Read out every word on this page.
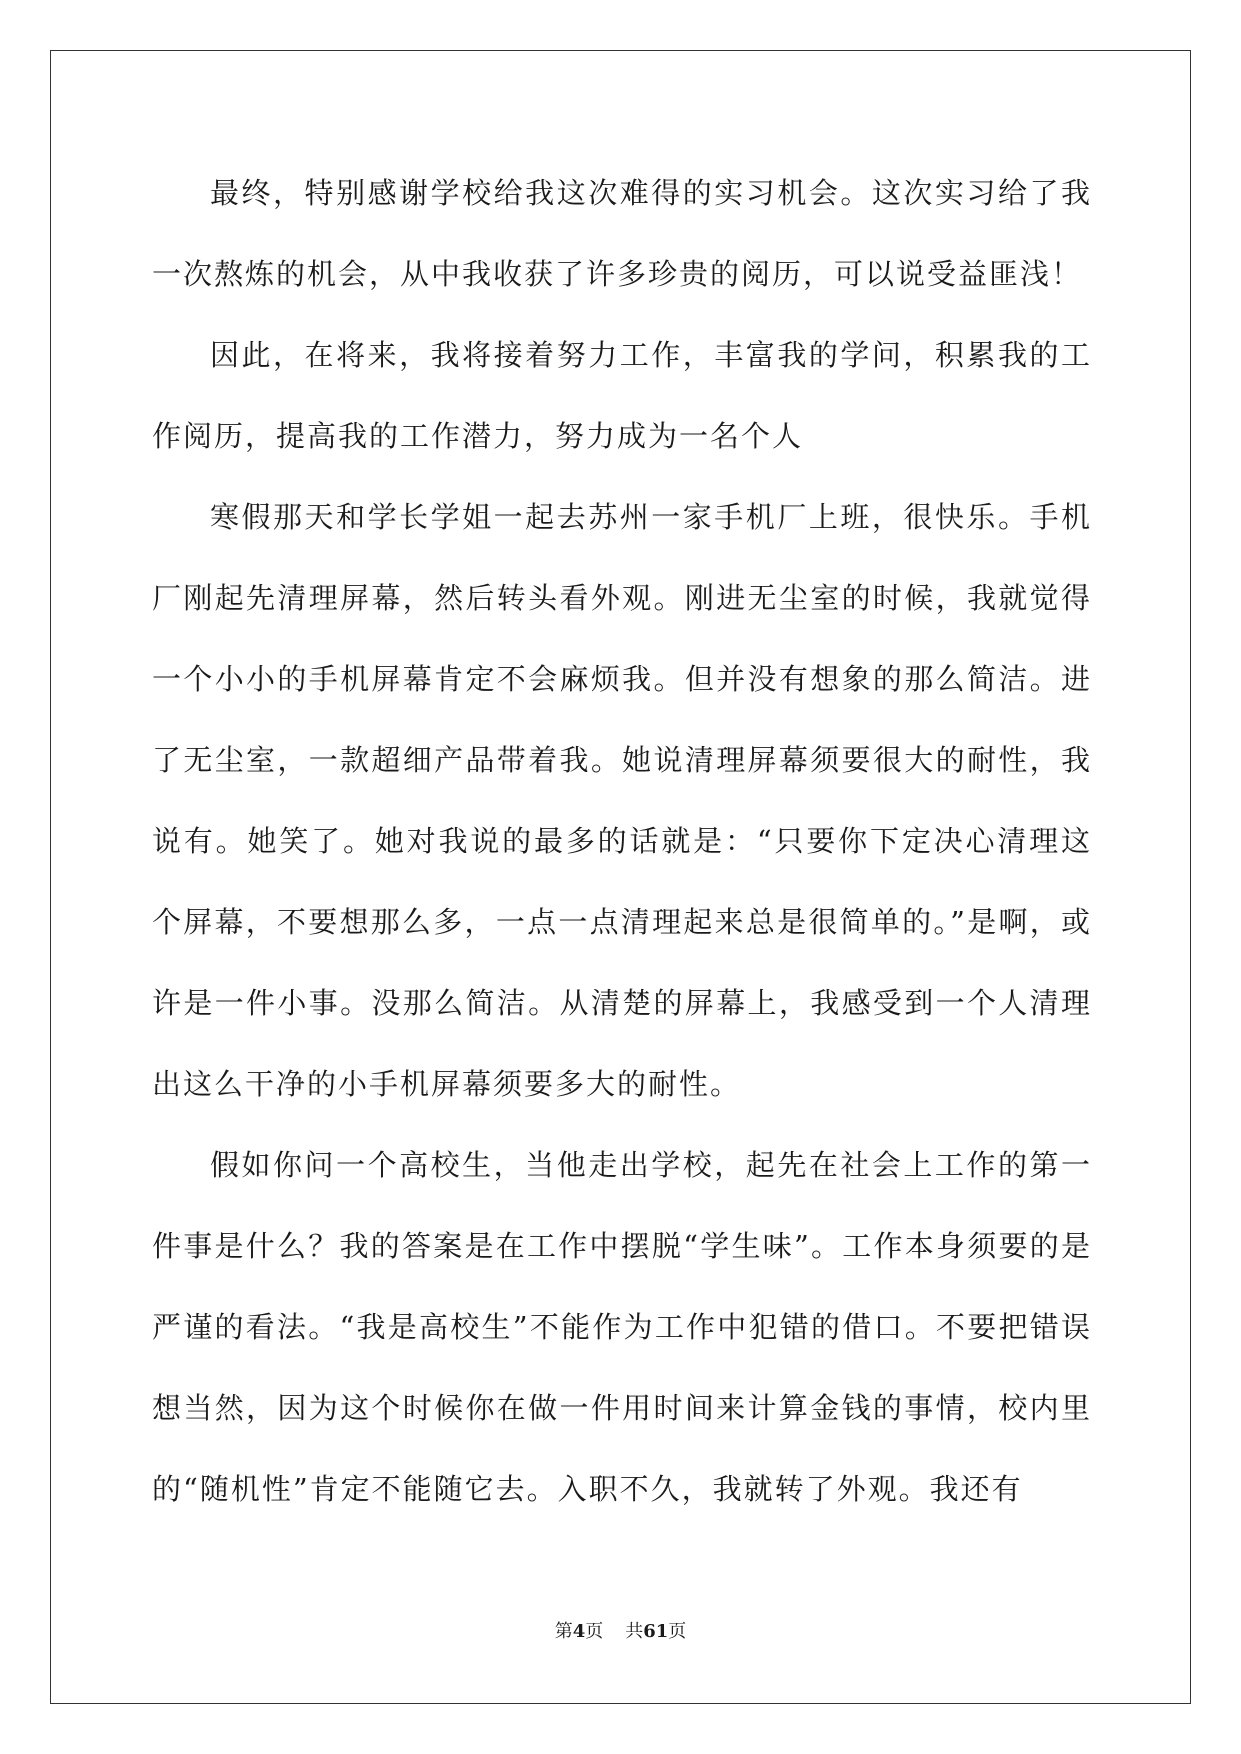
最终，特别感谢学校给我这次难得的实习机会。这次实习给了我一次熬炼的机会，从中我收获了许多珍贵的阅历，可以说受益匪浅！

因此，在将来，我将接着努力工作，丰富我的学问，积累我的工作阅历，提高我的工作潜力，努力成为一名个人

寒假那天和学长学姐一起去苏州一家手机厂上班，很快乐。手机厂刚起先清理屏幕，然后转头看外观。刚进无尘室的时候，我就觉得一个小小的手机屏幕肯定不会麻烦我。但并没有想象的那么简洁。进了无尘室，一款超细产品带着我。她说清理屏幕须要很大的耐性，我说有。她笑了。她对我说的最多的话就是：“只要你下定决心清理这个屏幕，不要想那么多，一点一点清理起来总是很简单的。”是啊，或许是一件小事。没那么简洁。从清楚的屏幕上，我感受到一个人清理出这么干净的小手机屏幕须要多大的耐性。

假如你问一个高校生，当他走出学校，起先在社会上工作的第一件事是什么？我的答案是在工作中摆脱“学生味”。工作本身须要的是严谨的看法。“我是高校生”不能作为工作中犯错的借口。不要把错误想当然，因为这个时候你在做一件用时间来计算金钱的事情，校内里的“随机性”肯定不能随它去。入职不久，我就转了外观。我还有

第4页 共61页
